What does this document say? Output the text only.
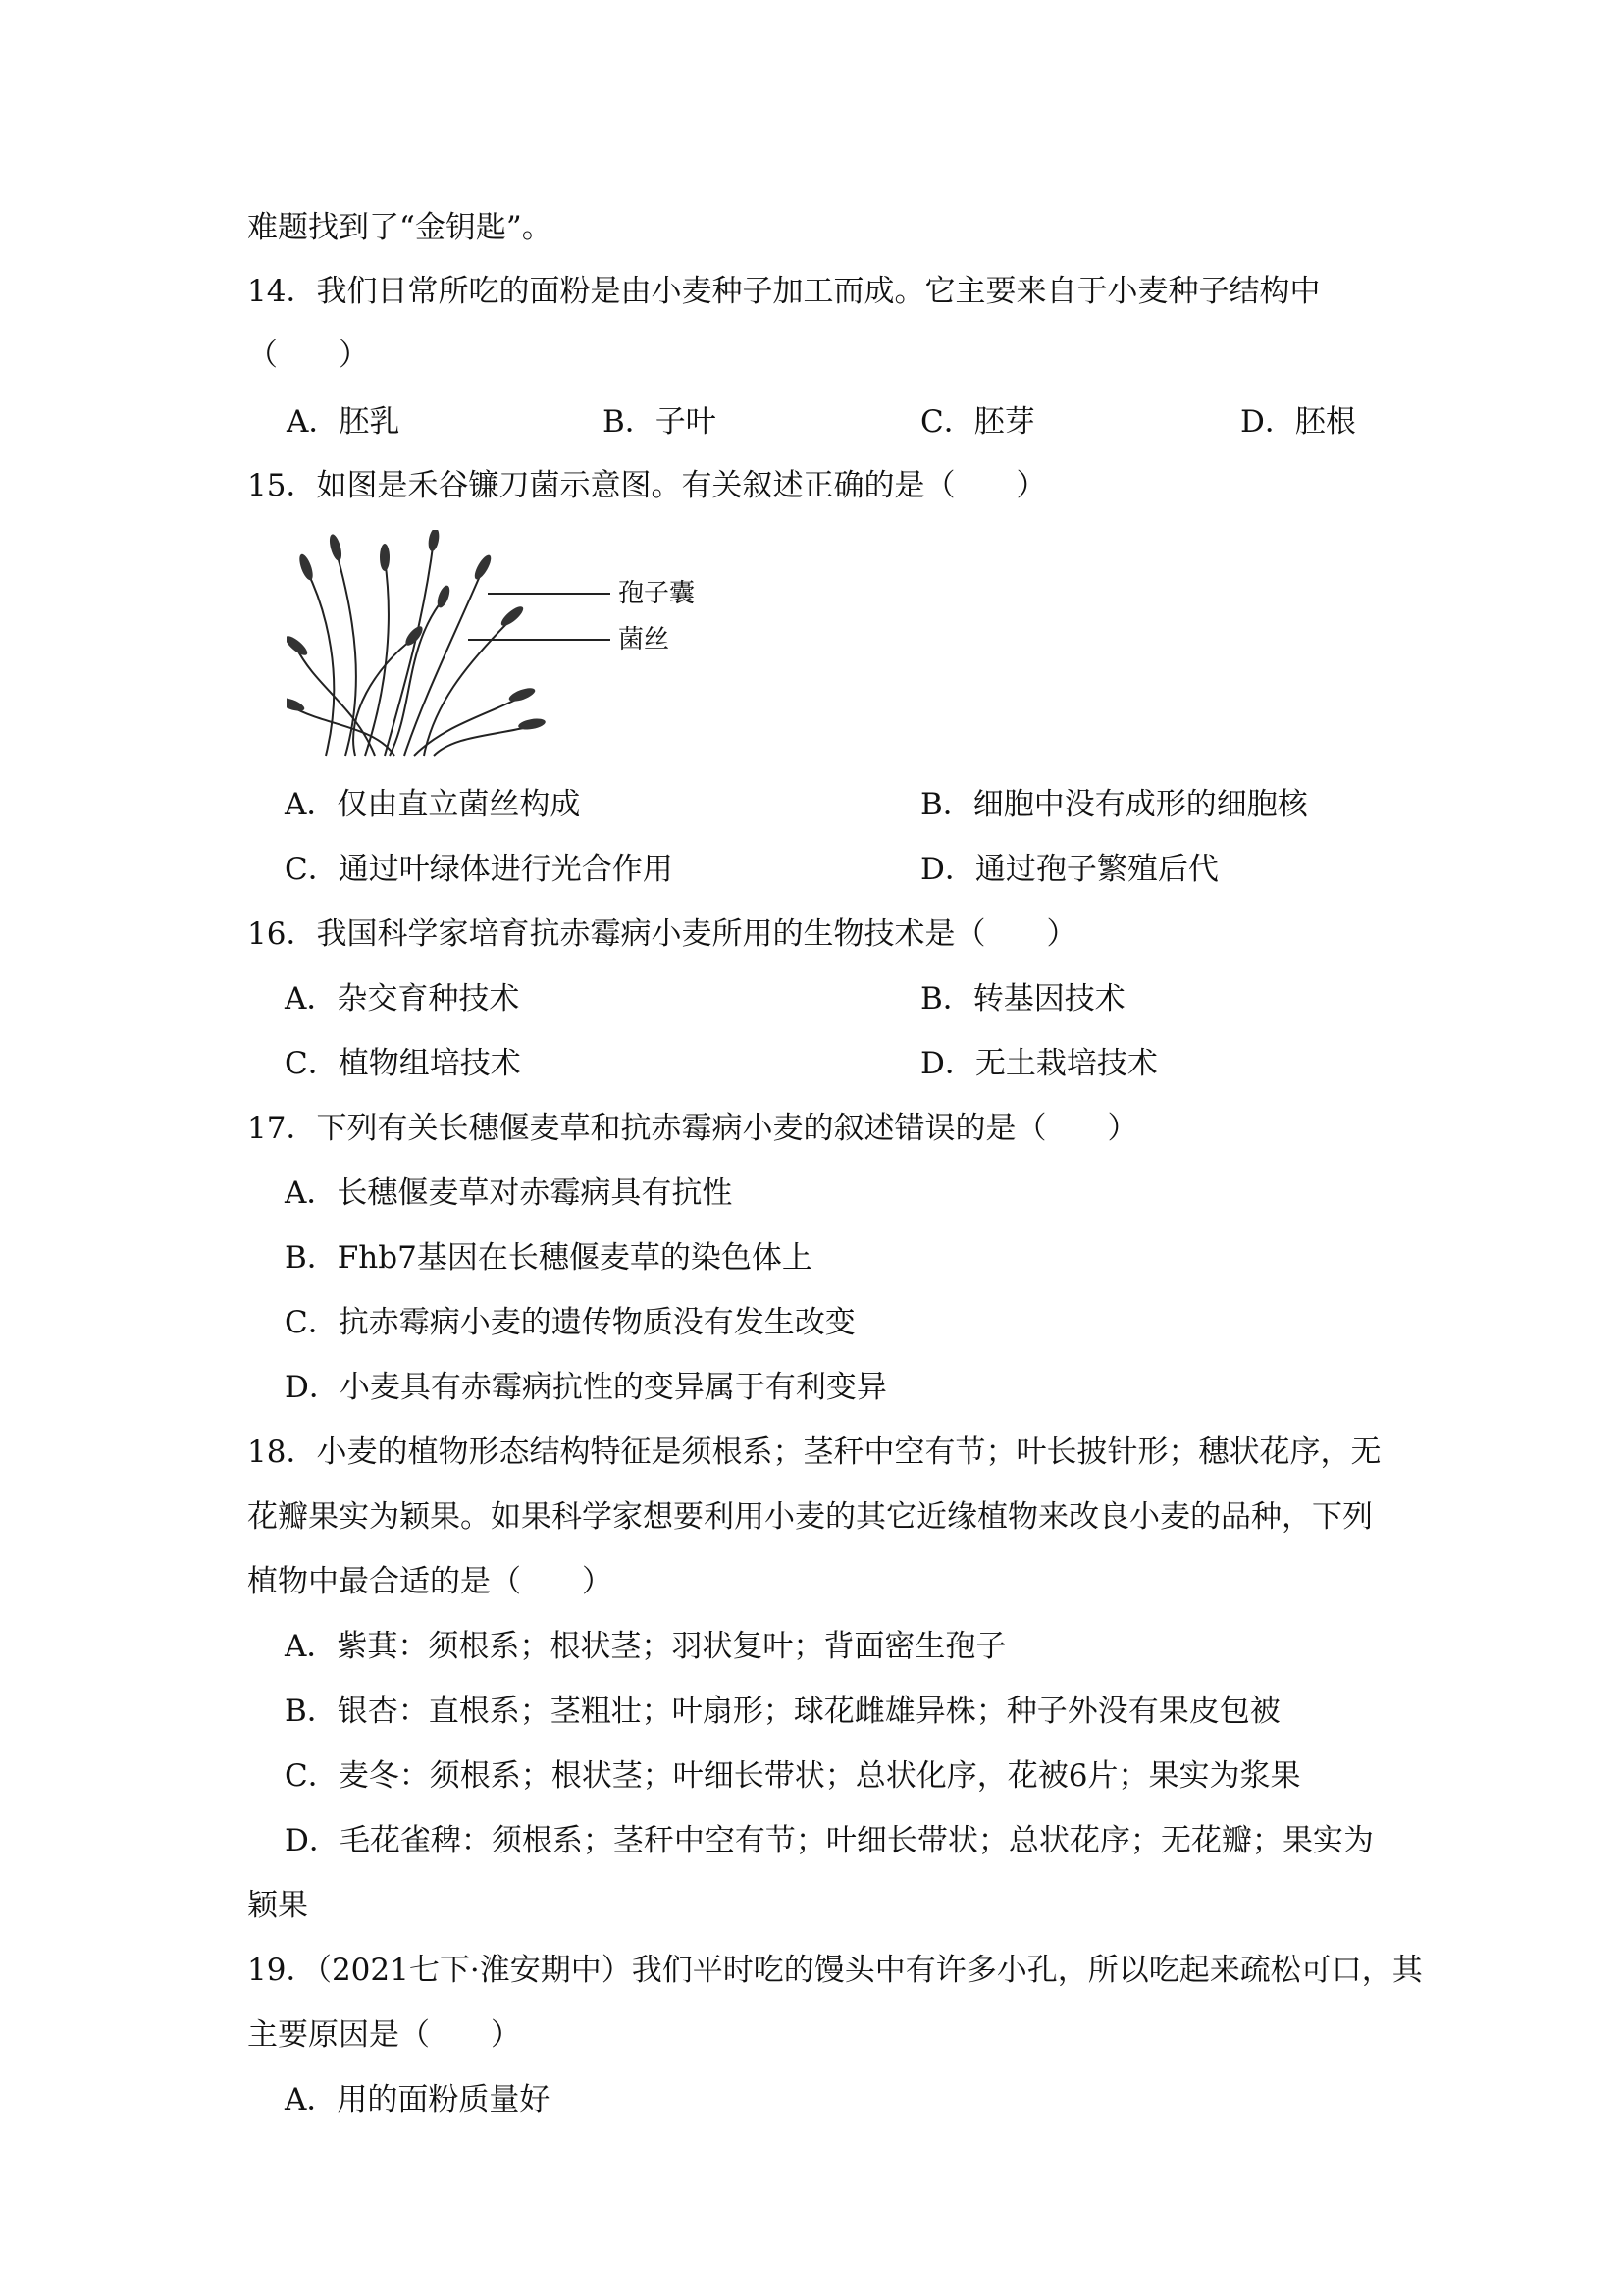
难题找到了“金钥匙”。
14．我们日常所吃的面粉是由小麦种子加工而成。它主要来自于小麦种子结构中
（　　）
A．胚乳	B．子叶	C．胚芽	D．胚根
15．如图是禾谷镰刀菌示意图。有关叙述正确的是（　　）
孢子囊
菌丝
A．仅由直立菌丝构成	B．细胞中没有成形的细胞核
C．通过叶绿体进行光合作用	D．通过孢子繁殖后代
16．我国科学家培育抗赤霉病小麦所用的生物技术是（　　）
A．杂交育种技术	B．转基因技术
C．植物组培技术	D．无土栽培技术
17．下列有关长穗偃麦草和抗赤霉病小麦的叙述错误的是（　　）
A．长穗偃麦草对赤霉病具有抗性
B．Fhb7基因在长穗偃麦草的染色体上
C．抗赤霉病小麦的遗传物质没有发生改变
D．小麦具有赤霉病抗性的变异属于有利变异
18．小麦的植物形态结构特征是须根系；茎秆中空有节；叶长披针形；穗状花序，无
花瓣果实为颖果。如果科学家想要利用小麦的其它近缘植物来改良小麦的品种，下列
植物中最合适的是（　　）
A．紫萁：须根系；根状茎；羽状复叶；背面密生孢子
B．银杏：直根系；茎粗壮；叶扇形；球花雌雄异株；种子外没有果皮包被
C．麦冬：须根系；根状茎；叶细长带状；总状化序，花被6片；果实为浆果
D．毛花雀稗：须根系；茎秆中空有节；叶细长带状；总状花序；无花瓣；果实为
颖果
19．（2021七下·淮安期中）我们平时吃的馒头中有许多小孔，所以吃起来疏松可口，其
主要原因是（　　）
A．用的面粉质量好
